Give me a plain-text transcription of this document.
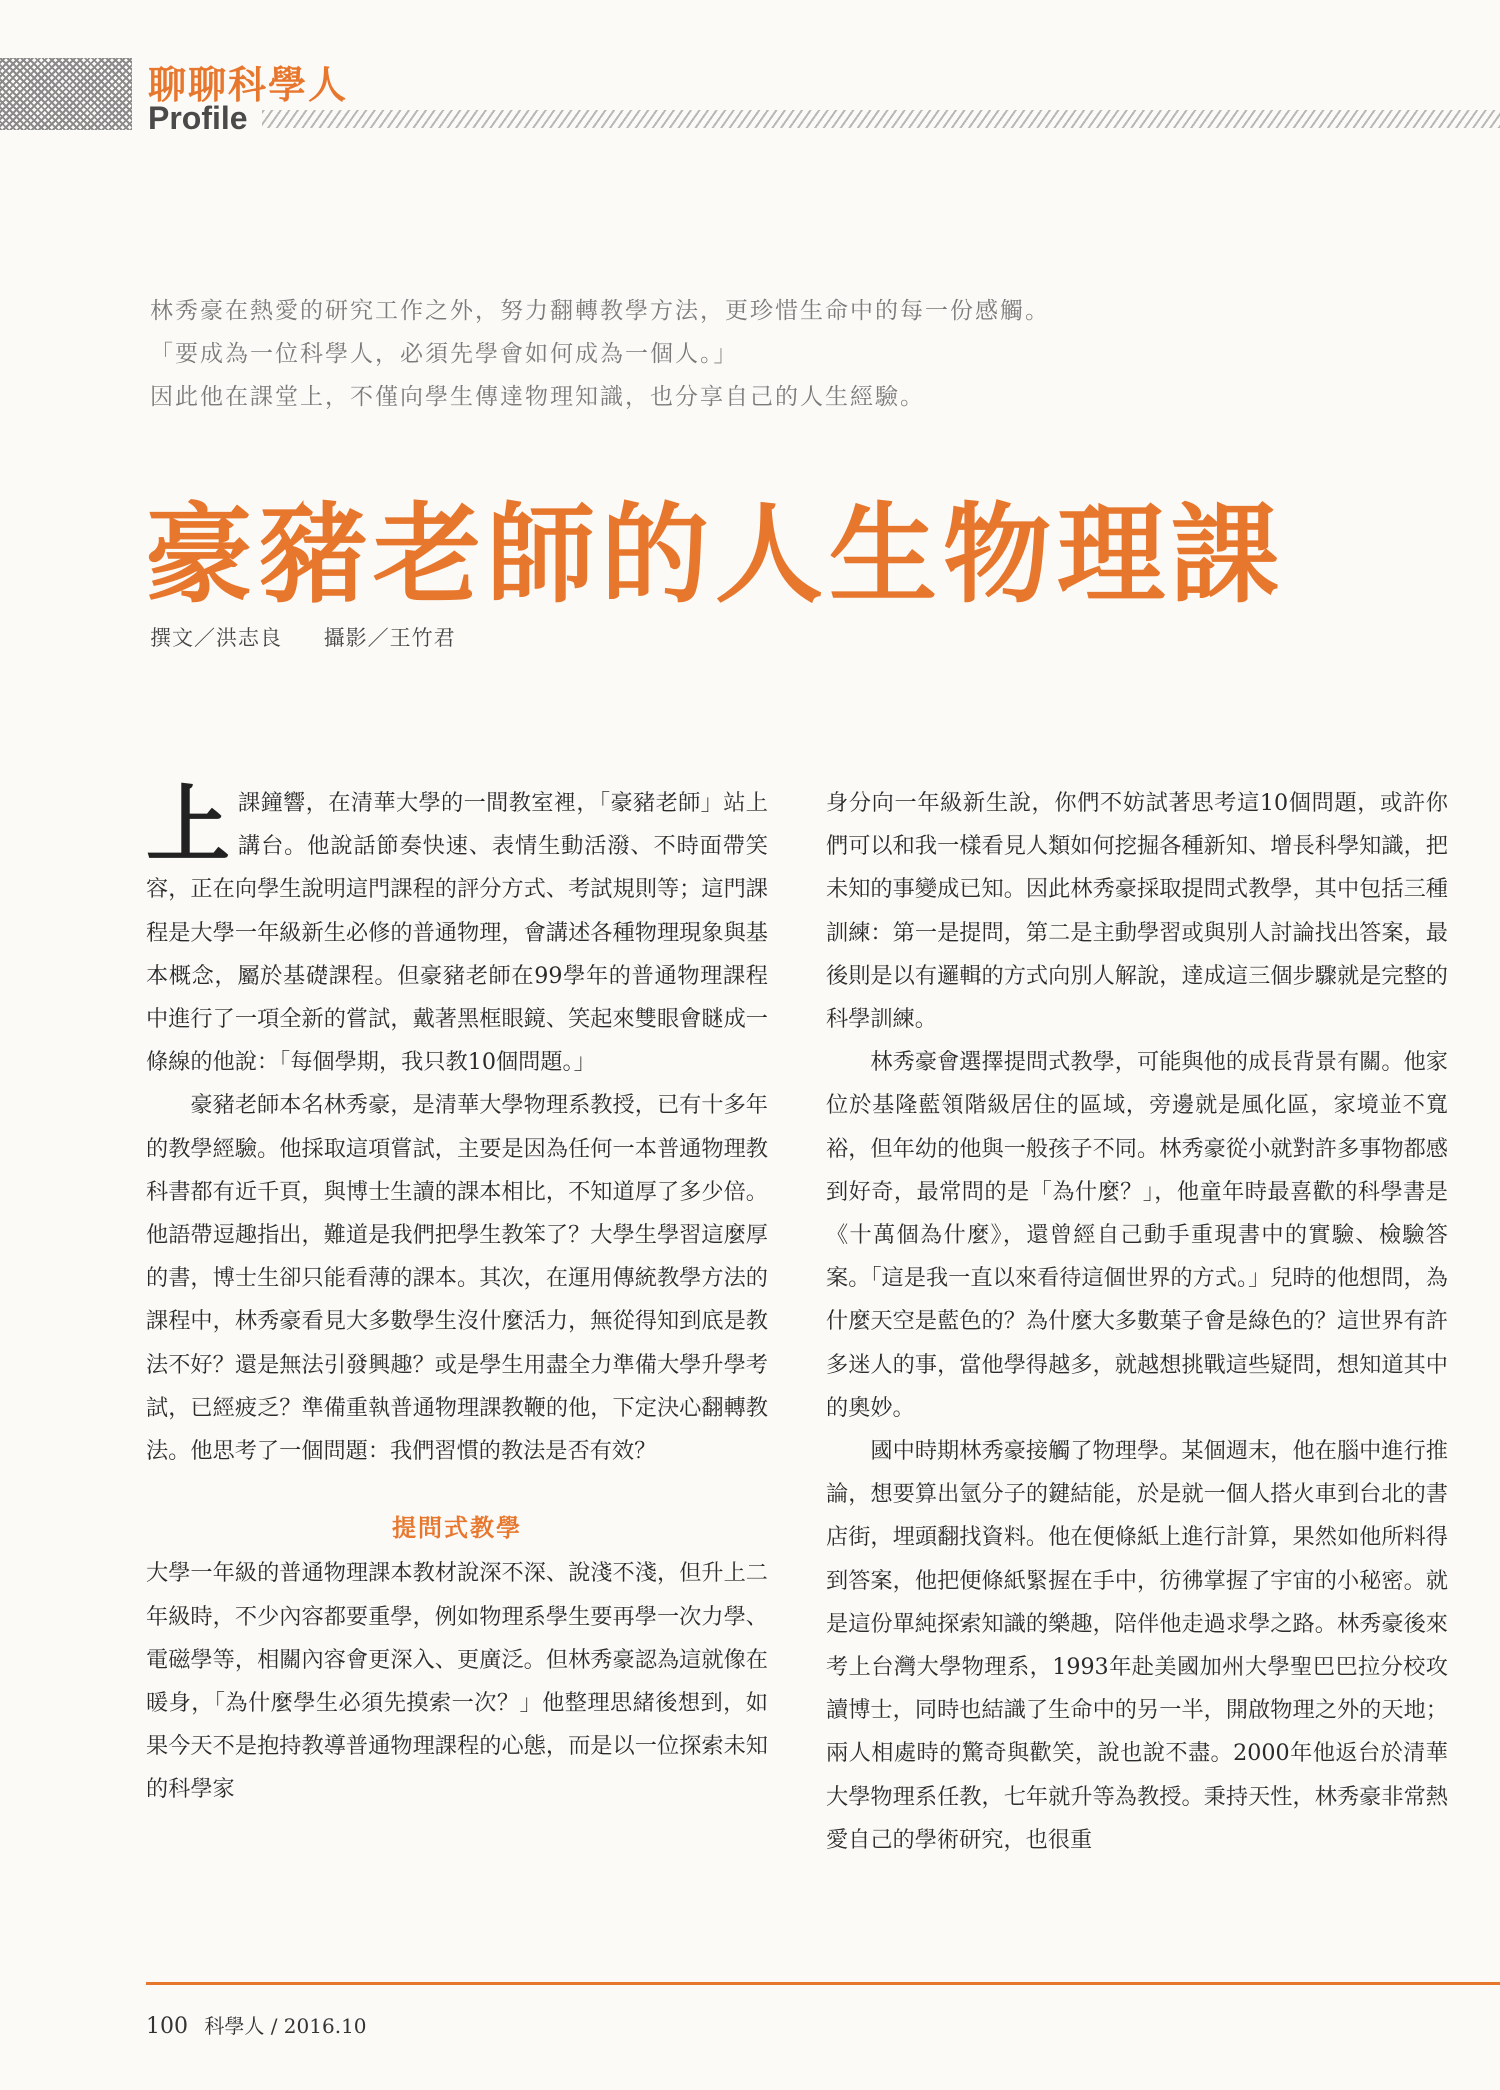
聊聊科學人
Profile
林秀豪在熱愛的研究工作之外，努力翻轉教學方法，更珍惜生命中的每一份感觸。
「要成為一位科學人，必須先學會如何成為一個人。」
因此他在課堂上，不僅向學生傳達物理知識，也分享自己的人生經驗。
豪豬老師的人生物理課
撰文／洪志良 攝影／王竹君

上課鐘響，在清華大學的一間教室裡，「豪豬老師」站上講台。他說話節奏快速、表情生動活潑、不時面帶笑容，正在向學生說明這門課程的評分方式、考試規則等；這門課程是大學一年級新生必修的普通物理，會講述各種物理現象與基本概念，屬於基礎課程。但豪豬老師在99學年的普通物理課程中進行了一項全新的嘗試，戴著黑框眼鏡、笑起來雙眼會瞇成一條線的他說：「每個學期，我只教10個問題。」

豪豬老師本名林秀豪，是清華大學物理系教授，已有十多年的教學經驗。他採取這項嘗試，主要是因為任何一本普通物理教科書都有近千頁，與博士生讀的課本相比，不知道厚了多少倍。他語帶逗趣指出，難道是我們把學生教笨了？大學生學習這麼厚的書，博士生卻只能看薄的課本。其次，在運用傳統教學方法的課程中，林秀豪看見大多數學生沒什麼活力，無從得知到底是教法不好？還是無法引發興趣？或是學生用盡全力準備大學升學考試，已經疲乏？準備重執普通物理課教鞭的他，下定決心翻轉教法。他思考了一個問題：我們習慣的教法是否有效？

提問式教學

大學一年級的普通物理課本教材說深不深、說淺不淺，但升上二年級時，不少內容都要重學，例如物理系學生要再學一次力學、電磁學等，相關內容會更深入、更廣泛。但林秀豪認為這就像在暖身，「為什麼學生必須先摸索一次？」他整理思緒後想到，如果今天不是抱持教導普通物理課程的心態，而是以一位探索未知的科學家

身分向一年級新生說，你們不妨試著思考這10個問題，或許你們可以和我一樣看見人類如何挖掘各種新知、增長科學知識，把未知的事變成已知。因此林秀豪採取提問式教學，其中包括三種訓練：第一是提問，第二是主動學習或與別人討論找出答案，最後則是以有邏輯的方式向別人解說，達成這三個步驟就是完整的科學訓練。

林秀豪會選擇提問式教學，可能與他的成長背景有關。他家位於基隆藍領階級居住的區域，旁邊就是風化區，家境並不寬裕，但年幼的他與一般孩子不同。林秀豪從小就對許多事物都感到好奇，最常問的是「為什麼？」，他童年時最喜歡的科學書是《十萬個為什麼》，還曾經自己動手重現書中的實驗、檢驗答案。「這是我一直以來看待這個世界的方式。」兒時的他想問，為什麼天空是藍色的？為什麼大多數葉子會是綠色的？這世界有許多迷人的事，當他學得越多，就越想挑戰這些疑問，想知道其中的奧妙。

國中時期林秀豪接觸了物理學。某個週末，他在腦中進行推論，想要算出氫分子的鍵結能，於是就一個人搭火車到台北的書店街，埋頭翻找資料。他在便條紙上進行計算，果然如他所料得到答案，他把便條紙緊握在手中，彷彿掌握了宇宙的小秘密。就是這份單純探索知識的樂趣，陪伴他走過求學之路。林秀豪後來考上台灣大學物理系，1993年赴美國加州大學聖巴巴拉分校攻讀博士，同時也結識了生命中的另一半，開啟物理之外的天地；兩人相處時的驚奇與歡笑，說也說不盡。2000年他返台於清華大學物理系任教，七年就升等為教授。秉持天性，林秀豪非常熱愛自己的學術研究，也很重

100 科學人 / 2016.10
